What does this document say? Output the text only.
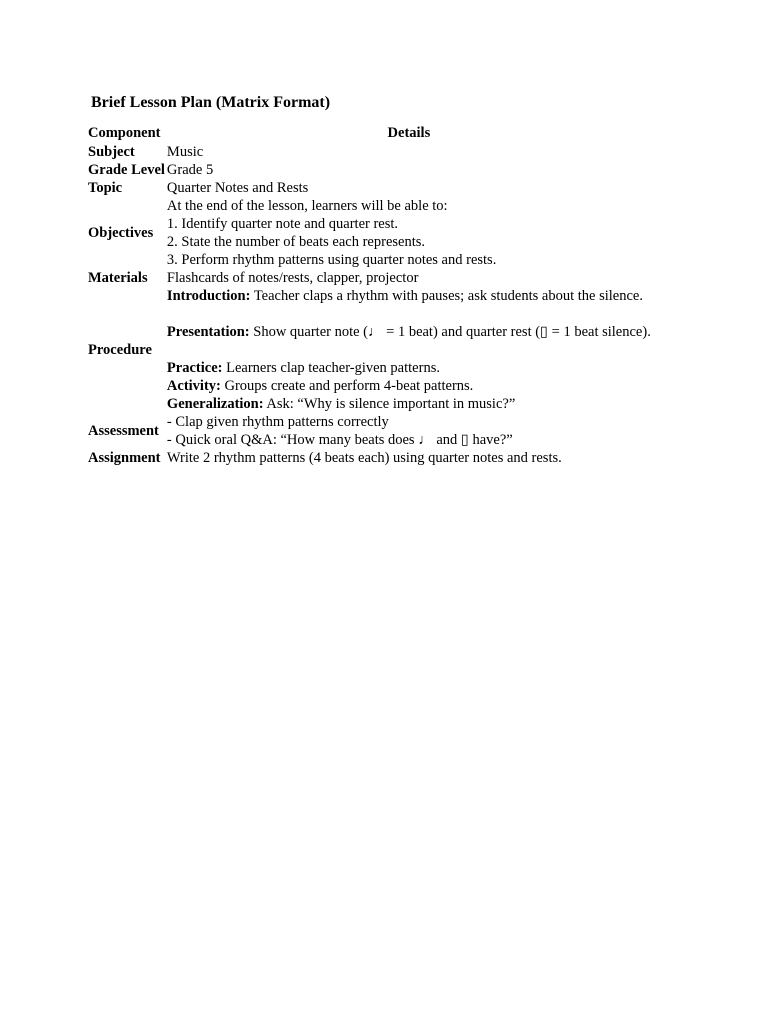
Brief Lesson Plan (Matrix Format)
Component	Details
Subject	Music
Grade Level	Grade 5
Topic	Quarter Notes and Rests
Objectives	At the end of the lesson, learners will be able to:
1. Identify quarter note and quarter rest.
2. State the number of beats each represents.
3. Perform rhythm patterns using quarter notes and rests.

Materials	Flashcards of notes/rests, clapper, projector
Procedure	Introduction: Teacher claps a rhythm with pauses; ask students about the silence.
Presentation: Show quarter note (♩ = 1 beat) and quarter rest (▯ = 1 beat silence).
Practice: Learners clap teacher-given patterns.
Activity: Groups create and perform 4-beat patterns.
Generalization: Ask: “Why is silence important in music?”

Assessment	- Clap given rhythm patterns correctly
- Quick oral Q&A: “How many beats does ♩ and ▯ have?”

Assignment	Write 2 rhythm patterns (4 beats each) using quarter notes and rests.
